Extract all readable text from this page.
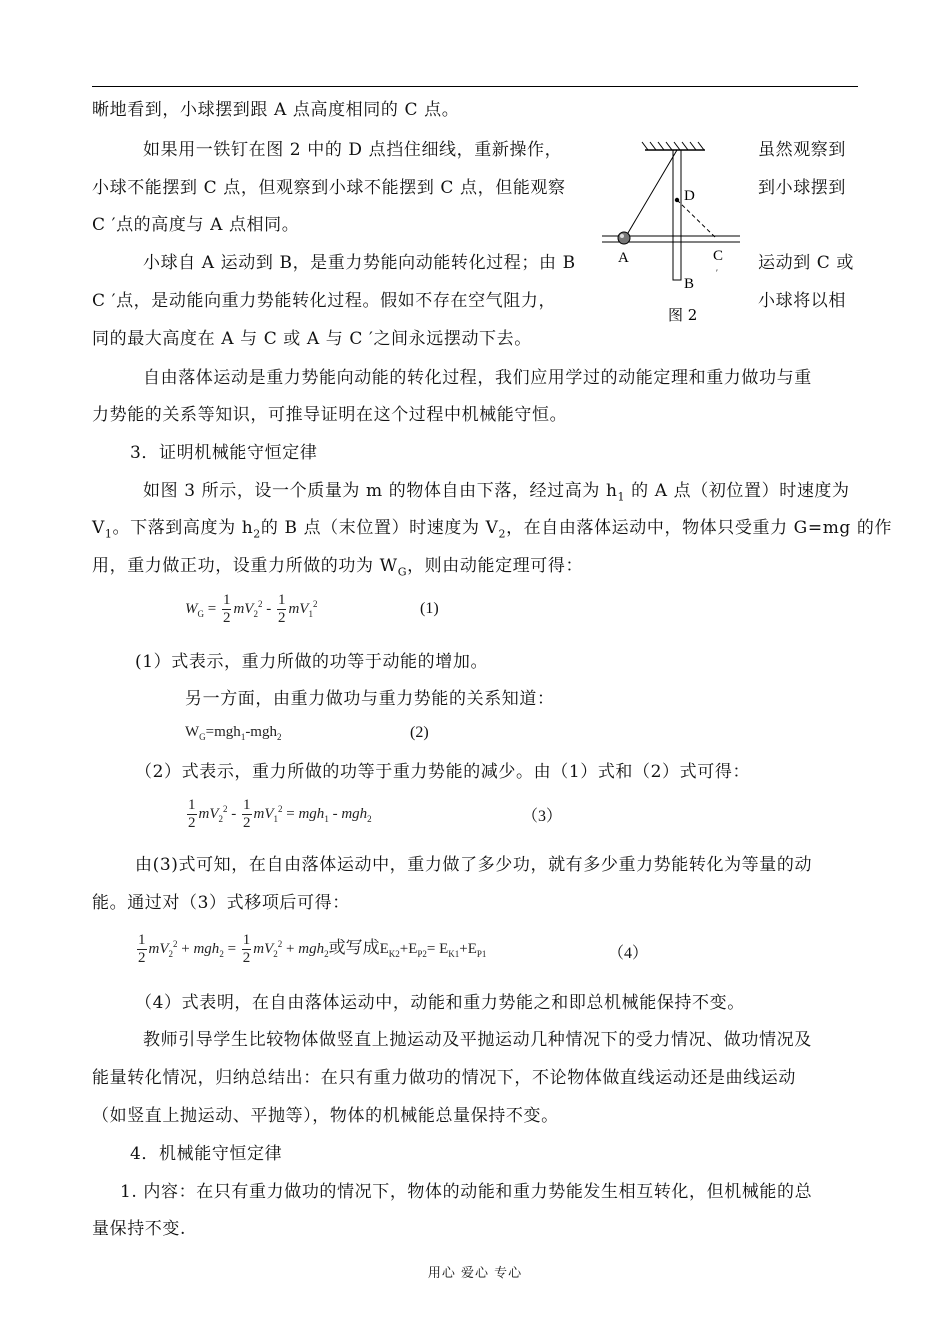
晰地看到，小球摆到跟 A 点高度相同的 C 点。
如果用一铁钉在图 2 中的 D 点挡住细线，重新操作，	虽然观察到
小球不能摆到 C 点，但观察到小球不能摆到 C 点，但能观察	到小球摆到
C ′点的高度与 A 点相同。
小球自 A 运动到 B，是重力势能向动能转化过程；由 B	运动到 C 或
C ′点，是动能向重力势能转化过程。假如不存在空气阻力，	小球将以相
同的最大高度在 A 与 C 或 A 与 C ′之间永远摆动下去。
D
A	C
′
B
图 2
自由落体运动是重力势能向动能的转化过程，我们应用学过的动能定理和重力做功与重
力势能的关系等知识，可推导证明在这个过程中机械能守恒。
3．证明机械能守恒定律
如图 3 所示，设一个质量为 m 的物体自由下落，经过高为 $h_1$ 的 A 点（初位置）时速度为
$V_1$。下落到高度为 $h_2$的 B 点（末位置）时速度为 $V_2$，在自由落体运动中，物体只受重力 G=mg 的作
用，重力做正功，设重力所做的功为 $W_G$，则由动能定理可得：
$W_G = \frac{1}{2} mV_2^2 - \frac{1}{2} mV_1^2$	(1)
(1）式表示，重力所做的功等于动能的增加。
另一方面，由重力做功与重力势能的关系知道：
$W_G=mgh_1-mgh_2$	(2)
（2）式表示，重力所做的功等于重力势能的减少。由（1）式和（2）式可得：
$\frac{1}{2} mV_2^2 - \frac{1}{2} mV_1^2 = mgh_1 - mgh_2$	（3）
由(3)式可知，在自由落体运动中，重力做了多少功，就有多少重力势能转化为等量的动
能。通过对（3）式移项后可得：
$\frac{1}{2} mV_2^2 + mgh_2 = \frac{1}{2} mV_2^2 + mgh_2$或写成$E_{K2}+E_{P2}= E_{K1}+E_{P1}$	（4）
（4）式表明，在自由落体运动中，动能和重力势能之和即总机械能保持不变。
教师引导学生比较物体做竖直上抛运动及平抛运动几种情况下的受力情况、做功情况及
能量转化情况，归纳总结出：在只有重力做功的情况下，不论物体做直线运动还是曲线运动
（如竖直上抛运动、平抛等），物体的机械能总量保持不变。
4．机械能守恒定律
1. 内容：在只有重力做功的情况下，物体的动能和重力势能发生相互转化，但机械能的总
量保持不变.
用心 爱心 专心
